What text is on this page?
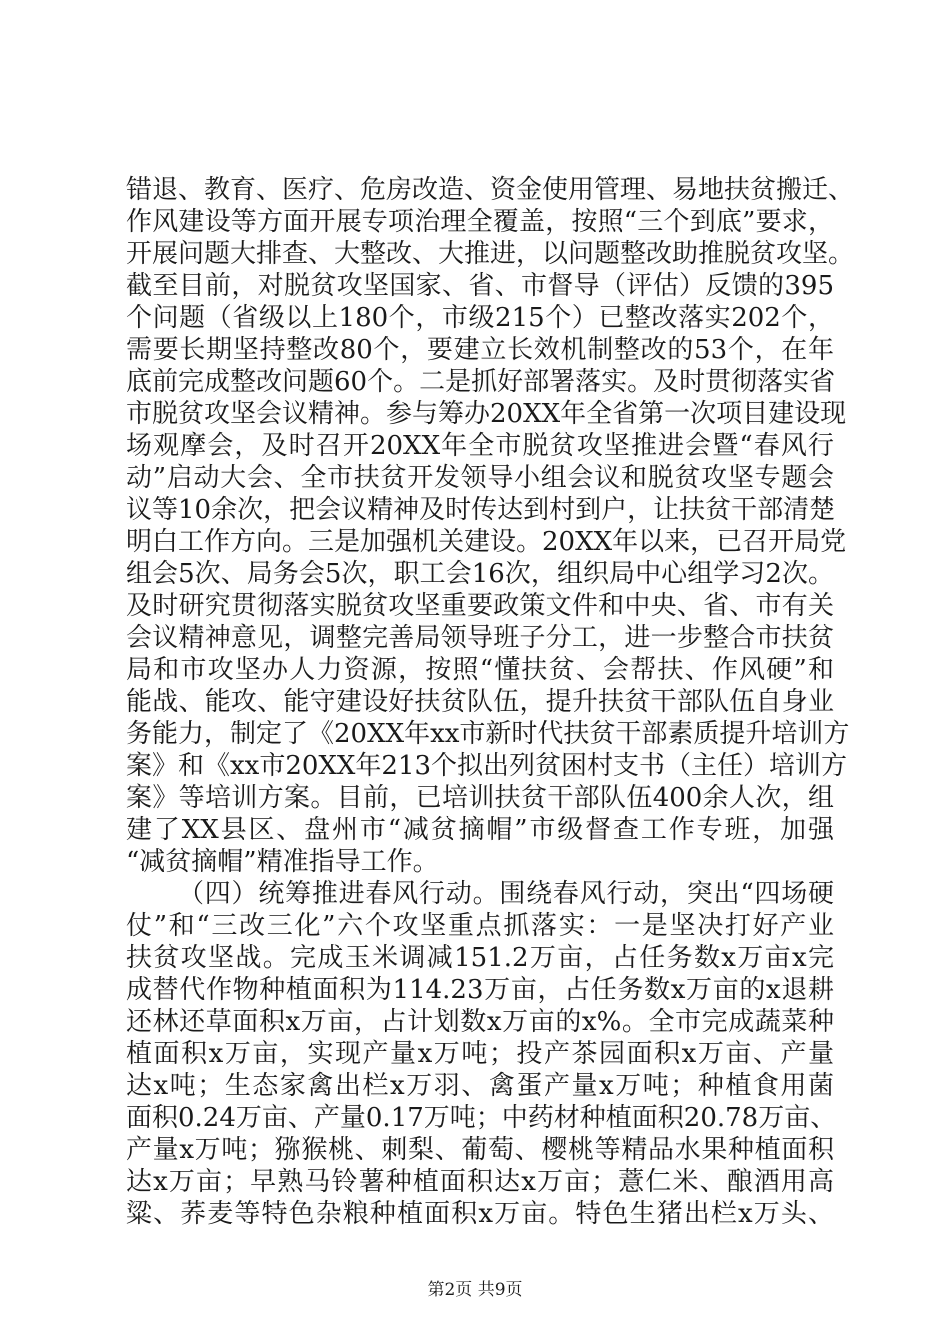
错退、教育、医疗、危房改造、资金使用管理、易地扶贫搬迁、
作风建设等方面开展专项治理全覆盖，按照“三个到底”要求，
开展问题大排查、大整改、大推进，以问题整改助推脱贫攻坚。
截至目前，对脱贫攻坚国家、省、市督导（评估）反馈的395
个问题（省级以上180个，市级215个）已整改落实202个，
需要长期坚持整改80个，要建立长效机制整改的53个，在年
底前完成整改问题60个。二是抓好部署落实。及时贯彻落实省
市脱贫攻坚会议精神。参与筹办20XX年全省第一次项目建设现
场观摩会，及时召开20XX年全市脱贫攻坚推进会暨“春风行
动”启动大会、全市扶贫开发领导小组会议和脱贫攻坚专题会
议等10余次，把会议精神及时传达到村到户，让扶贫干部清楚
明白工作方向。三是加强机关建设。20XX年以来，已召开局党
组会5次、局务会5次，职工会16次，组织局中心组学习2次。
及时研究贯彻落实脱贫攻坚重要政策文件和中央、省、市有关
会议精神意见，调整完善局领导班子分工，进一步整合市扶贫
局和市攻坚办人力资源，按照“懂扶贫、会帮扶、作风硬”和
能战、能攻、能守建设好扶贫队伍，提升扶贫干部队伍自身业
务能力，制定了《20XX年xx市新时代扶贫干部素质提升培训方
案》和《xx市20XX年213个拟出列贫困村支书（主任）培训方
案》等培训方案。目前，已培训扶贫干部队伍400余人次，组
建了XX县区、盘州市“减贫摘帽”市级督查工作专班，加强
“减贫摘帽”精准指导工作。
（四）统筹推进春风行动。围绕春风行动，突出“四场硬
仗”和“三改三化”六个攻坚重点抓落实：一是坚决打好产业
扶贫攻坚战。完成玉米调减151.2万亩，占任务数x万亩x完
成替代作物种植面积为114.23万亩，占任务数x万亩的x退耕
还林还草面积x万亩，占计划数x万亩的x%。全市完成蔬菜种
植面积x万亩，实现产量x万吨；投产茶园面积x万亩、产量
达x吨；生态家禽出栏x万羽、禽蛋产量x万吨；种植食用菌
面积0.24万亩、产量0.17万吨；中药材种植面积20.78万亩、
产量x万吨；猕猴桃、刺梨、葡萄、樱桃等精品水果种植面积
达x万亩；早熟马铃薯种植面积达x万亩；薏仁米、酿酒用高
粱、荞麦等特色杂粮种植面积x万亩。特色生猪出栏x万头、
第2页 共9页
